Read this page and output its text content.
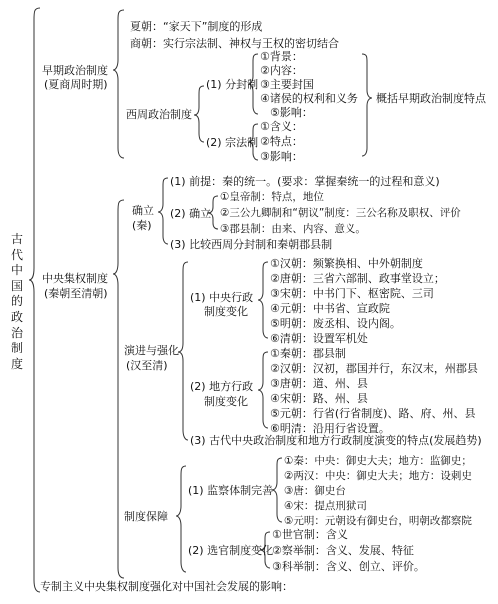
古
代
中
国
的
政
治
制
度
早期政治制度
(夏商周时期)
夏朝：“家天下”制度的形成
商朝：实行宗法制、神权与王权的密切结合
西周政治制度
(1) 分封制
①背景：
②内容：
③主要封国
④诸侯的权利和义务
⑤影响：
(2) 宗法制
①含义：
②特点：
③影响：
概括早期政治制度特点
中央集权制度
(秦朝至清朝)
确立
(秦)
(1) 前提：秦的统一。(要求：掌握秦统一的过程和意义)
(2) 确立
①皇帝制：特点，地位
②三公九卿制和“朝议”制度：三公名称及职权、评价
③郡县制：由来、内容、意义。
(3) 比较西周分封制和秦朝郡县制
演进与强化
(汉至清)
(1) 中央行政
制度变化
①汉朝：频繁换相、中外朝制度
②唐朝：三省六部制、政事堂设立；
③宋朝：中书门下、枢密院、三司
④元朝：中书省、宣政院
⑤明朝：废丞相、设内阁。
⑥清朝：设置军机处
(2) 地方行政
制度变化
①秦朝：郡县制
②汉朝：汉初，郡国并行，东汉末，州郡县
③唐朝：道、州、县
④宋朝：路、州、县
⑤元朝：行省(行省制度)、路、府、州、县
⑥明清：沿用行省设置。
(3) 古代中央政治制度和地方行政制度演变的特点(发展趋势)
制度保障
(1) 监察体制完善
①秦：中央：御史大夫；地方：监御史；
②两汉：中央：御史大夫；地方：设刺史
③唐：御史台
④宋：提点刑狱司
⑤元明：元朝设有御史台，明朝改都察院
(2) 选官制度变化
①世官制：含义
②察举制：含义、发展、特征
③科举制：含义、创立、评价。
专制主义中央集权制度强化对中国社会发展的影响：
